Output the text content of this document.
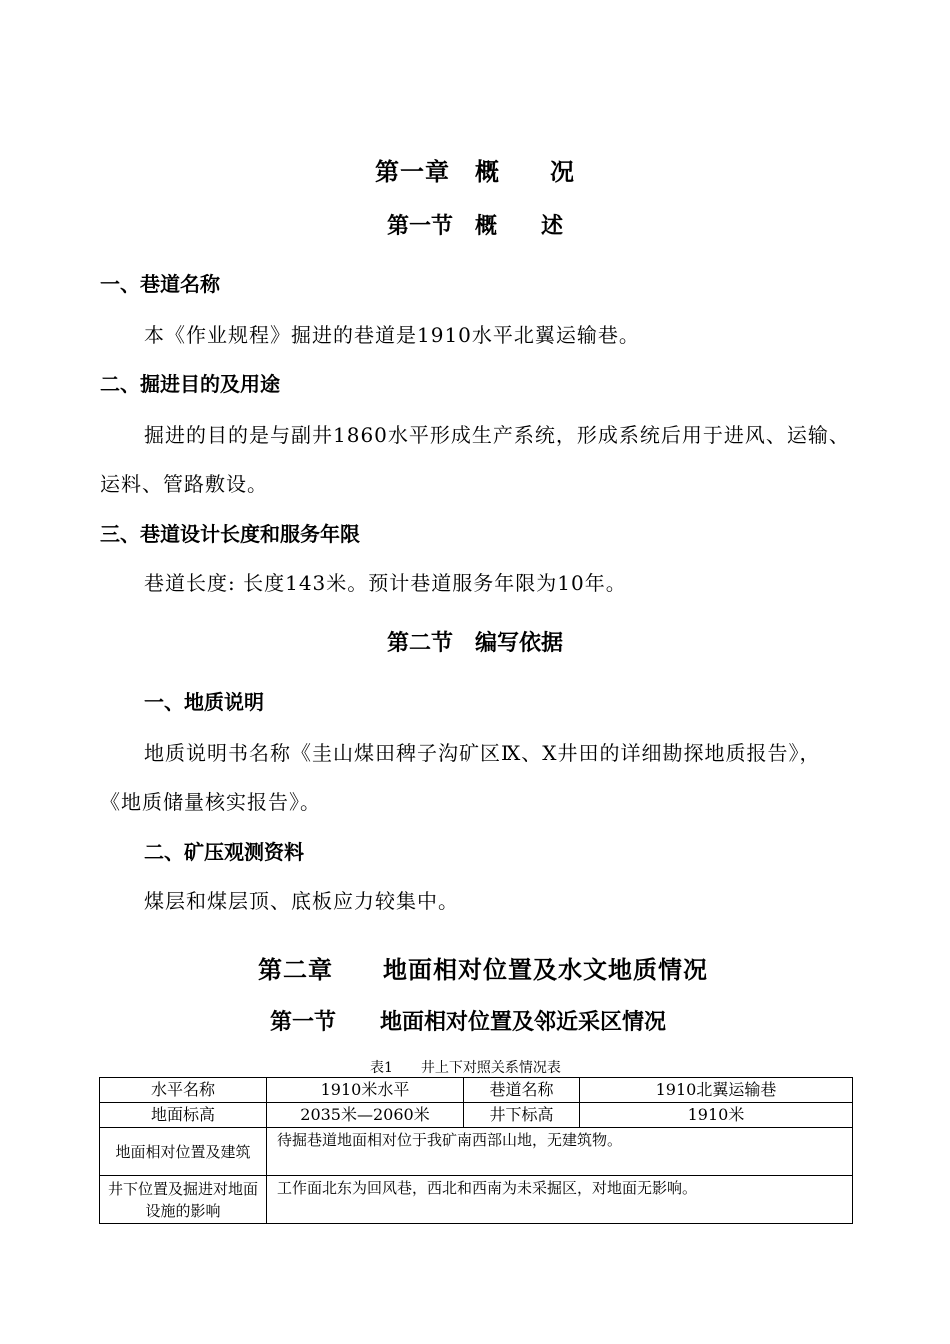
第一章　概　　况
第一节　概　　述
一、巷道名称
本《作业规程》掘进的巷道是1910水平北翼运输巷。
二、掘进目的及用途
掘进的目的是与副井1860水平形成生产系统，形成系统后用于进风、运输、
运料、管路敷设。
三、巷道设计长度和服务年限
巷道长度: 长度143米。预计巷道服务年限为10年。
第二节　编写依据
一、地质说明
地质说明书名称《圭山煤田稗子沟矿区Ⅸ、Ⅹ井田的详细勘探地质报告》，
《地质储量核实报告》。
二、矿压观测资料
煤层和煤层顶、底板应力较集中。
第二章　　地面相对位置及水文地质情况
第一节　　地面相对位置及邻近采区情况
表1　　井上下对照关系情况表
水平名称	1910米水平	巷道名称	1910北翼运输巷
地面标高	2035米—2060米	井下标高	1910米
地面相对位置及建筑	待掘巷道地面相对位于我矿南西部山地，无建筑物。		
井下位置及掘进对地面设施的影响	工作面北东为回风巷，西北和西南为未采掘区，对地面无影响。		
